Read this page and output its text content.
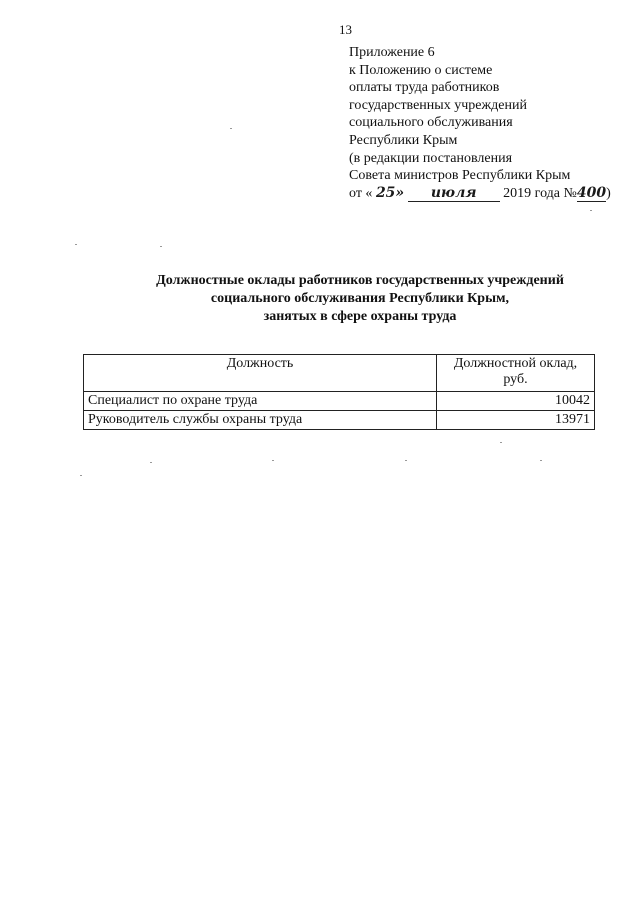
13
Приложение 6
к Положению о системе
оплаты труда работников
государственных учреждений
социального обслуживания
Республики Крым
(в редакции постановления
Совета министров Республики Крым
от « 25» июля 2019 года №400)
Должностные оклады работников государственных учреждений
социального обслуживания Республики Крым,
занятых в сфере охраны труда
Должность	Должностной оклад, руб.
Специалист по охране труда	10042
Руководитель службы охраны труда	13971
